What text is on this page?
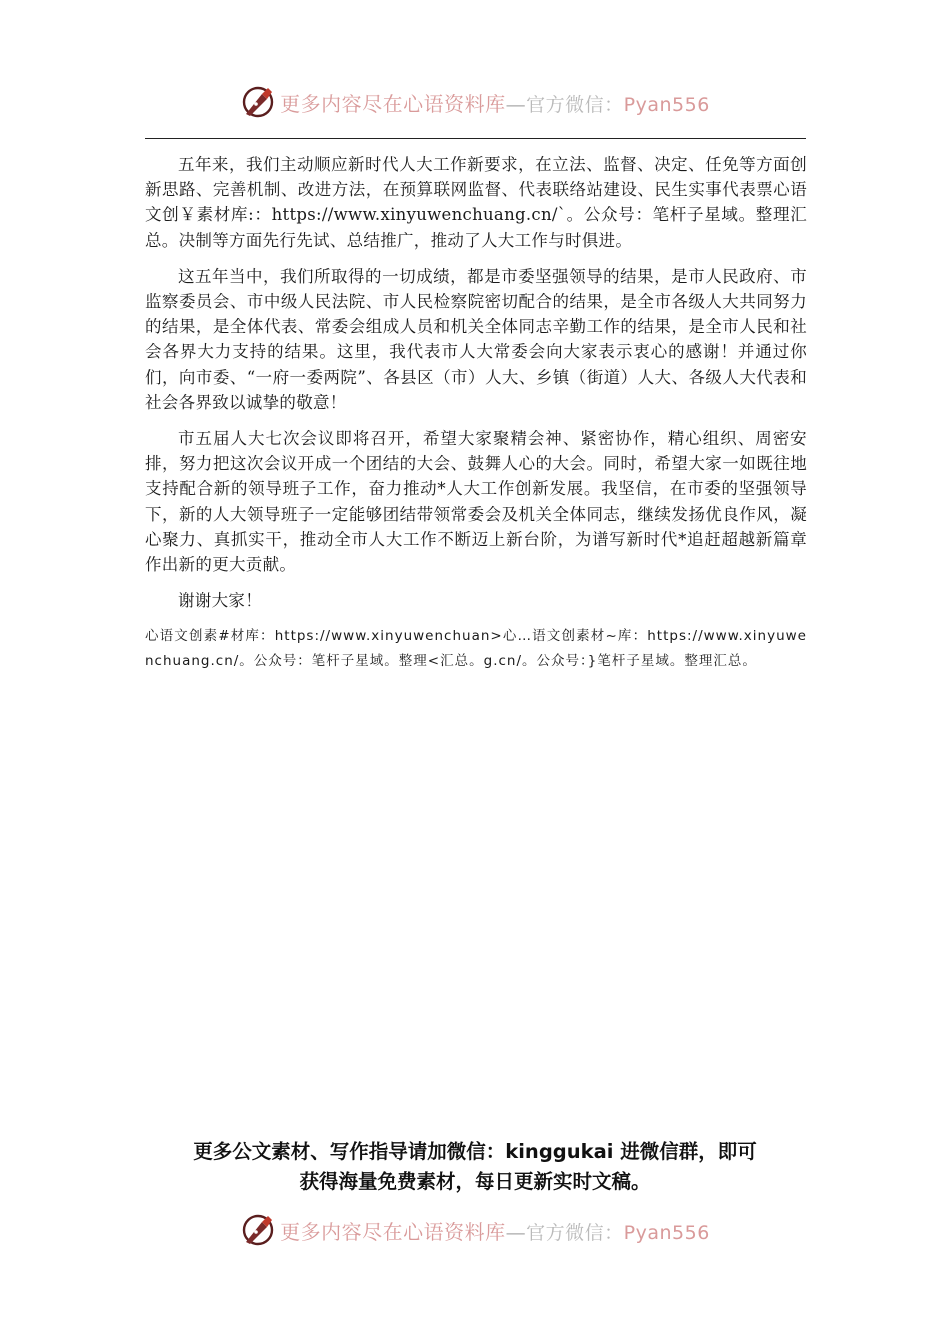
更多内容尽在心语资料库—官方微信：Pyan556

五年来，我们主动顺应新时代人大工作新要求，在立法、监督、决定、任免等方面创新思路、完善机制、改进方法，在预算联网监督、代表联络站建设、民生实事代表票心语文创￥素材库:：https://www.xinyuwenchuang.cn/`。公众号：笔杆子星域。整理汇总。决制等方面先行先试、总结推广，推动了人大工作与时俱进。

这五年当中，我们所取得的一切成绩，都是市委坚强领导的结果，是市人民政府、市监察委员会、市中级人民法院、市人民检察院密切配合的结果，是全市各级人大共同努力的结果，是全体代表、常委会组成人员和机关全体同志辛勤工作的结果，是全市人民和社会各界大力支持的结果。这里，我代表市人大常委会向大家表示衷心的感谢！并通过你们，向市委、“一府一委两院”、各县区（市）人大、乡镇（街道）人大、各级人大代表和社会各界致以诚挚的敬意！

市五届人大七次会议即将召开，希望大家聚精会神、紧密协作，精心组织、周密安排，努力把这次会议开成一个团结的大会、鼓舞人心的大会。同时，希望大家一如既往地支持配合新的领导班子工作，奋力推动*人大工作创新发展。我坚信，在市委的坚强领导下，新的人大领导班子一定能够团结带领常委会及机关全体同志，继续发扬优良作风，凝心聚力、真抓实干，推动全市人大工作不断迈上新台阶，为谱写新时代*追赶超越新篇章作出新的更大贡献。

谢谢大家！

心语文创素#材库：https://www.xinyuwenchuan>心…语文创素材~库：https://www.xinyuwenchuang.cn/。公众号：笔杆子星域。整理<汇总。g.cn/。公众号：}笔杆子星域。整理汇总。

更多公文素材、写作指导请加微信：kinggukai 进微信群，即可
获得海量免费素材，每日更新实时文稿。
更多内容尽在心语资料库—官方微信：Pyan556
